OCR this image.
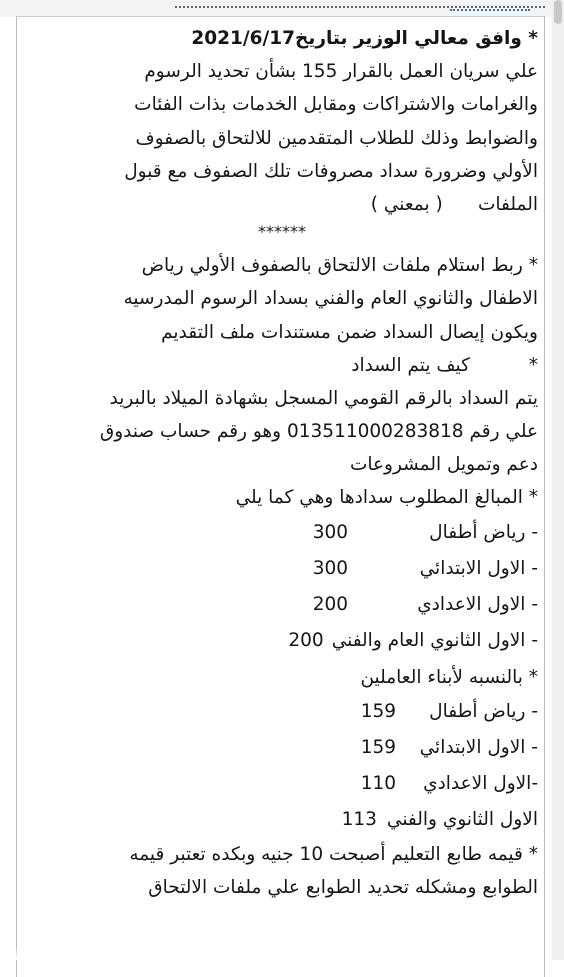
* وافق معالي الوزير بتاريخ2021/6/17
علي سريان العمل بالقرار 155 بشأن تحديد الرسوم
والغرامات والاشتراكات ومقابل الخدمات بذات الفئات
والضوابط وذلك للطلاب المتقدمين للالتحاق بالصفوف
الأولي وضرورة سداد مصروفات تلك الصفوف مع قبول
الملفات      ( بمعني )
******
* ربط استلام ملفات الالتحاق بالصفوف الأولي رياض
الاطفال والثانوي العام والفني بسداد الرسوم المدرسيه
ويكون إيصال السداد ضمن مستندات ملف التقديم
*          كيف يتم السداد
يتم السداد بالرقم القومي المسجل بشهادة الميلاد بالبريد
علي رقم 013511000283818 وهو رقم حساب صندوق
دعم وتمويل المشروعات
* المبالغ المطلوب سدادها وهي كما يلي
- رياض أطفال
300
- الاول الابتدائي
300
- الاول الاعدادي
200
- الاول الثانوي العام والفني
200
* بالنسبه لأبناء العاملين
- رياض أطفال
159
- الاول الابتدائي
159
-الاول الاعدادي
110
الاول الثانوي والفني
113
* قيمه طابع التعليم أصبحت 10 جنيه وبكده تعتبر قيمه
الطوابع ومشكله تحديد الطوابع علي ملفات الالتحاق
